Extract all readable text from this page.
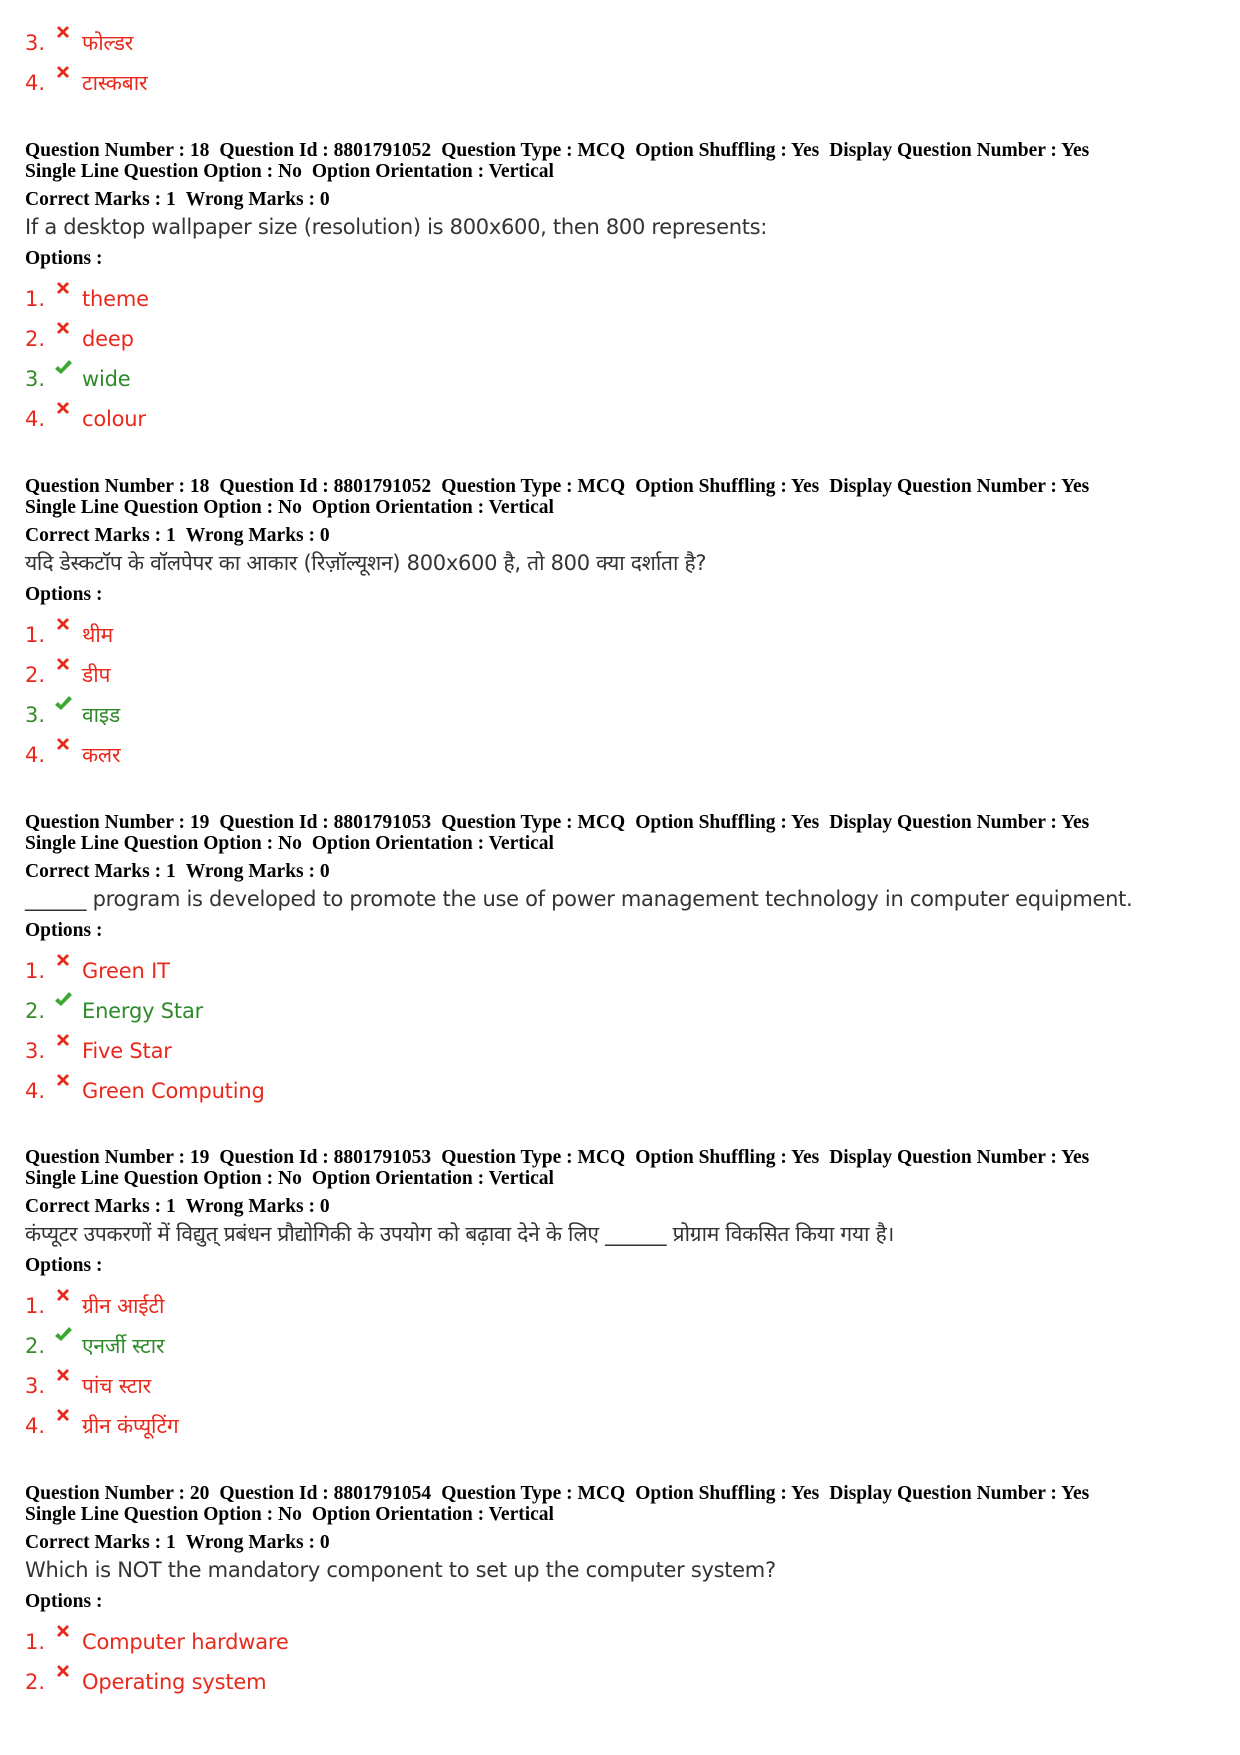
3. फोल्डर
4. टास्कबार
Question Number : 18 Question Id : 8801791052 Question Type : MCQ Option Shuffling : Yes Display Question Number : Yes
Single Line Question Option : No Option Orientation : Vertical
Correct Marks : 1 Wrong Marks : 0
If a desktop wallpaper size (resolution) is 800x600, then 800 represents:
Options :
1. theme
2. deep
3. wide
4. colour
Question Number : 18 Question Id : 8801791052 Question Type : MCQ Option Shuffling : Yes Display Question Number : Yes
Single Line Question Option : No Option Orientation : Vertical
Correct Marks : 1 Wrong Marks : 0
यदि डेस्कटॉप के वॉलपेपर का आकार (रिज़ॉल्यूशन) 800x600 है, तो 800 क्या दर्शाता है?
Options :
1. थीम
2. डीप
3. वाइड
4. कलर
Question Number : 19 Question Id : 8801791053 Question Type : MCQ Option Shuffling : Yes Display Question Number : Yes
Single Line Question Option : No Option Orientation : Vertical
Correct Marks : 1 Wrong Marks : 0
______ program is developed to promote the use of power management technology in computer equipment.
Options :
1. Green IT
2. Energy Star
3. Five Star
4. Green Computing
Question Number : 19 Question Id : 8801791053 Question Type : MCQ Option Shuffling : Yes Display Question Number : Yes
Single Line Question Option : No Option Orientation : Vertical
Correct Marks : 1 Wrong Marks : 0
कंप्यूटर उपकरणों में विद्युत् प्रबंधन प्रौद्योगिकी के उपयोग को बढ़ावा देने के लिए ______ प्रोग्राम विकसित किया गया है।
Options :
1. ग्रीन आईटी
2. एनर्जी स्टार
3. पांच स्टार
4. ग्रीन कंप्यूटिंग
Question Number : 20 Question Id : 8801791054 Question Type : MCQ Option Shuffling : Yes Display Question Number : Yes
Single Line Question Option : No Option Orientation : Vertical
Correct Marks : 1 Wrong Marks : 0
Which is NOT the mandatory component to set up the computer system?
Options :
1. Computer hardware
2. Operating system
